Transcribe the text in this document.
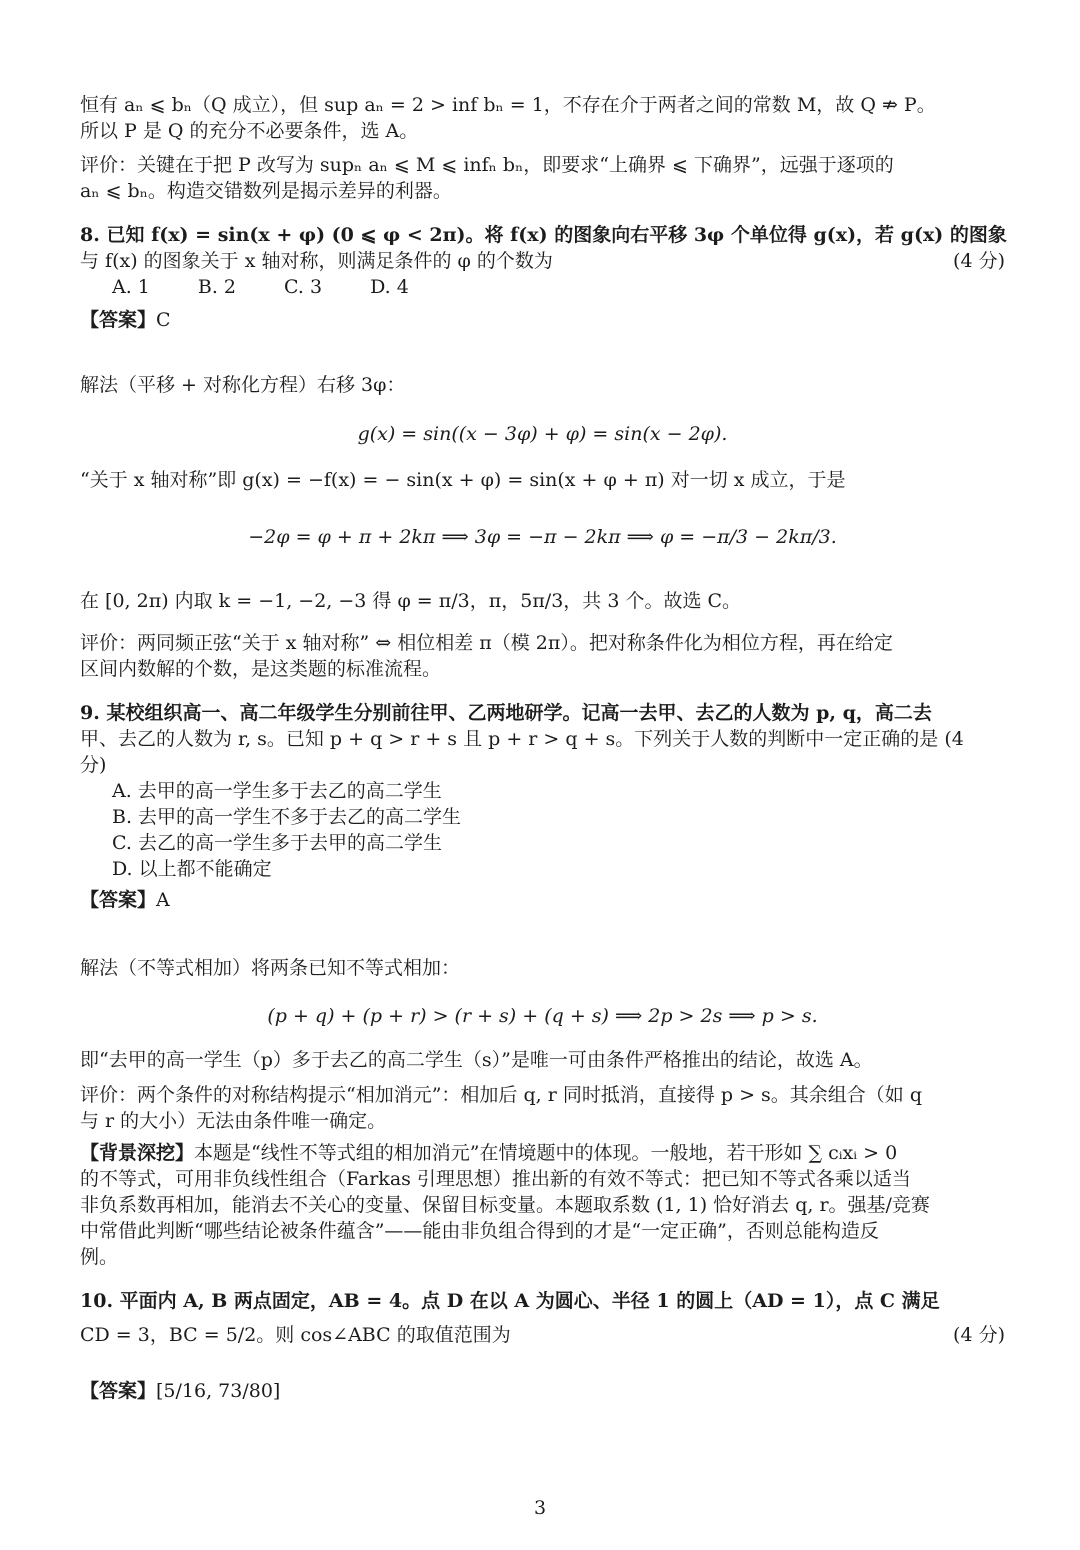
恒有 aₙ ⩽ bₙ（Q 成立），但 sup aₙ = 2 > inf bₙ = 1，不存在介于两者之间的常数 M，故 Q ⇏ P。
所以 P 是 Q 的充分不必要条件，选 A。
评价：关键在于把 P 改写为 supₙ aₙ ⩽ M ⩽ infₙ bₙ，即要求“上确界 ⩽ 下确界”，远强于逐项的
aₙ ⩽ bₙ。构造交错数列是揭示差异的利器。
8. 已知 f(x) = sin(x + φ) (0 ⩽ φ < 2π)。将 f(x) 的图象向右平移 3φ 个单位得 g(x)，若 g(x) 的图象
与 f(x) 的图象关于 x 轴对称，则满足条件的 φ 的个数为	(4 分)
A. 1	B. 2	C. 3	D. 4
【答案】C
解法（平移 + 对称化方程）右移 3φ：
g(x) = sin((x − 3φ) + φ) = sin(x − 2φ).
“关于 x 轴对称”即 g(x) = −f(x) = − sin(x + φ) = sin(x + φ + π) 对一切 x 成立，于是
−2φ = φ + π + 2kπ ⟹ 3φ = −π − 2kπ ⟹ φ = −π/3 − 2kπ/3.
在 [0, 2π) 内取 k = −1, −2, −3 得 φ = π/3，π，5π/3，共 3 个。故选 C。
评价：两同频正弦“关于 x 轴对称” ⇔ 相位相差 π（模 2π）。把对称条件化为相位方程，再在给定
区间内数解的个数，是这类题的标准流程。
9. 某校组织高一、高二年级学生分别前往甲、乙两地研学。记高一去甲、去乙的人数为 p, q，高二去
甲、去乙的人数为 r, s。已知 p + q > r + s 且 p + r > q + s。下列关于人数的判断中一定正确的是 (4
分)
A. 去甲的高一学生多于去乙的高二学生
B. 去甲的高一学生不多于去乙的高二学生
C. 去乙的高一学生多于去甲的高二学生
D. 以上都不能确定
【答案】A
解法（不等式相加）将两条已知不等式相加：
(p + q) + (p + r) > (r + s) + (q + s) ⟹ 2p > 2s ⟹ p > s.
即“去甲的高一学生（p）多于去乙的高二学生（s）”是唯一可由条件严格推出的结论，故选 A。
评价：两个条件的对称结构提示“相加消元”：相加后 q, r 同时抵消，直接得 p > s。其余组合（如 q
与 r 的大小）无法由条件唯一确定。
【背景深挖】本题是“线性不等式组的相加消元”在情境题中的体现。一般地，若干形如 ∑ cᵢxᵢ > 0
的不等式，可用非负线性组合（Farkas 引理思想）推出新的有效不等式：把已知不等式各乘以适当
非负系数再相加，能消去不关心的变量、保留目标变量。本题取系数 (1, 1) 恰好消去 q, r。强基/竞赛
中常借此判断“哪些结论被条件蕴含”——能由非负组合得到的才是“一定正确”，否则总能构造反
例。
10. 平面内 A, B 两点固定，AB = 4。点 D 在以 A 为圆心、半径 1 的圆上（AD = 1），点 C 满足
CD = 3，BC = 5/2。则 cos∠ABC 的取值范围为	(4 分)
【答案】[5/16, 73/80]
3
